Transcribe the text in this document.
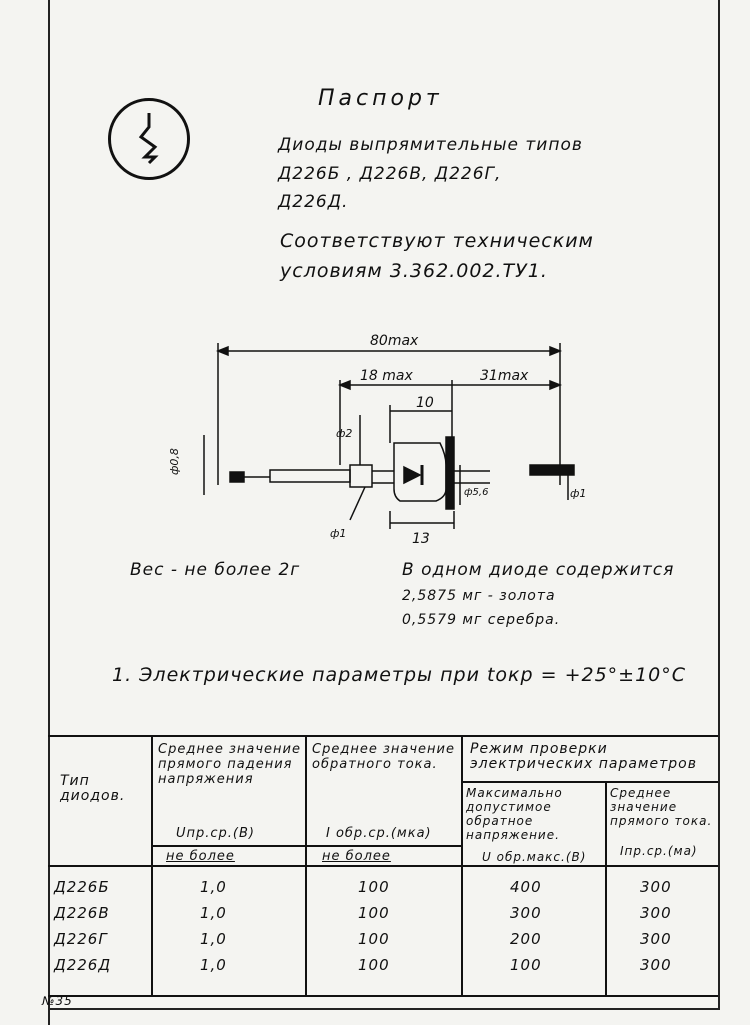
Паспорт
Диоды выпрямительные типов
Д226Б , Д226В, Д226Г,
Д226Д.
Соответствуют техническим
условиям 3.362.002.ТУ1.
80max
18 max	31max
10
13
ф0,8
ф2
ф1
ф5,6
ф1
Вес - не более 2г	В одном диоде содержится
2,5875 мг - золота
0,5579 мг серебра.
1. Электрические параметры при tокр = +25°±10°С
Тип диодов.
Среднее значение прямого падения напряжения
Uпр.ср.(В)
не более
Среднее значение обратного тока.
I обр.ср.(мка)
не более
Режим проверки электрических параметров
Максимально допустимое обратное напряжение.
U обр.макс.(В)
Среднее значение прямого тока.
Iпр.ср.(ма)
Д226Б	1,0	100	400	300
Д226В	1,0	100	300	300
Д226Г	1,0	100	200	300
Д226Д	1,0	100	100	300
№35
